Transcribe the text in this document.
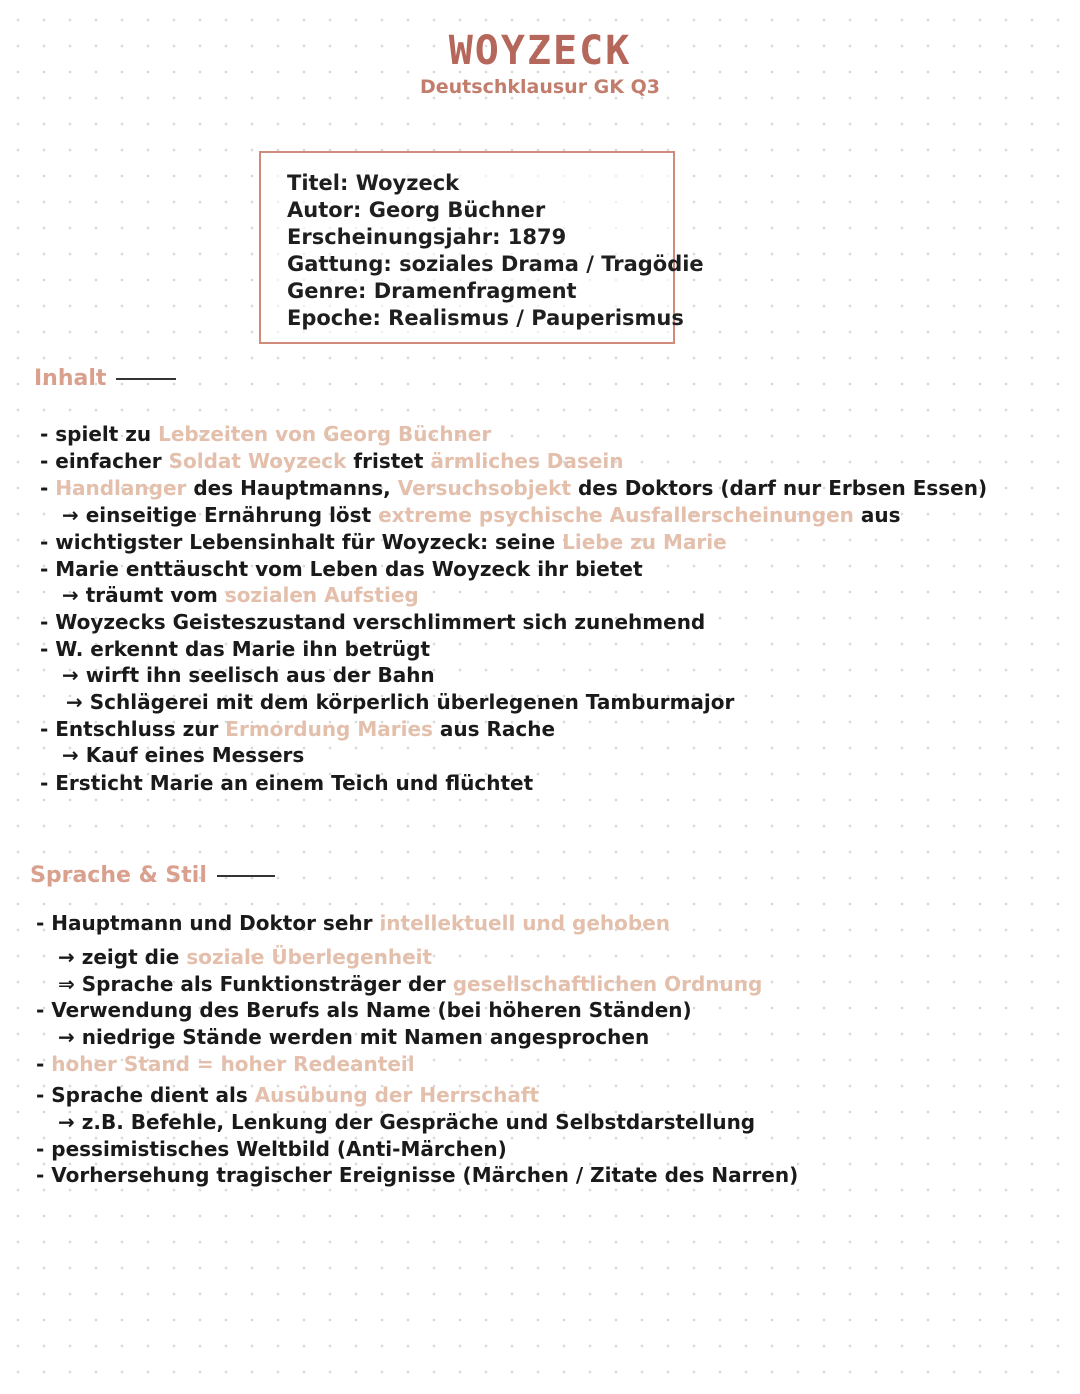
WOYZECK
Deutschklausur GK Q3
Titel: Woyzeck
Autor: Georg Büchner
Erscheinungsjahr: 1879
Gattung: soziales Drama / Tragödie
Genre: Dramenfragment
Epoche: Realismus / Pauperismus
Inhalt
- spielt zu Lebzeiten von Georg Büchner
- einfacher Soldat Woyzeck fristet ärmliches Dasein
- Handlanger des Hauptmanns, Versuchsobjekt des Doktors (darf nur Erbsen Essen)
→ einseitige Ernährung löst extreme psychische Ausfallerscheinungen aus
- wichtigster Lebensinhalt für Woyzeck: seine Liebe zu Marie
- Marie enttäuscht vom Leben das Woyzeck ihr bietet
→ träumt vom sozialen Aufstieg
- Woyzecks Geisteszustand verschlimmert sich zunehmend
- W. erkennt das Marie ihn betrügt
→ wirft ihn seelisch aus der Bahn
→ Schlägerei mit dem körperlich überlegenen Tamburmajor
- Entschluss zur Ermordung Maries aus Rache
→ Kauf eines Messers
- Ersticht Marie an einem Teich und flüchtet
Sprache & Stil
- Hauptmann und Doktor sehr intellektuell und gehoben
→ zeigt die soziale Überlegenheit
⇒ Sprache als Funktionsträger der gesellschaftlichen Ordnung
- Verwendung des Berufs als Name (bei höheren Ständen)
→ niedrige Stände werden mit Namen angesprochen
- hoher Stand = hoher Redeanteil
- Sprache dient als Ausübung der Herrschaft
→ z.B. Befehle, Lenkung der Gespräche und Selbstdarstellung
- pessimistisches Weltbild (Anti-Märchen)
- Vorhersehung tragischer Ereignisse (Märchen / Zitate des Narren)
